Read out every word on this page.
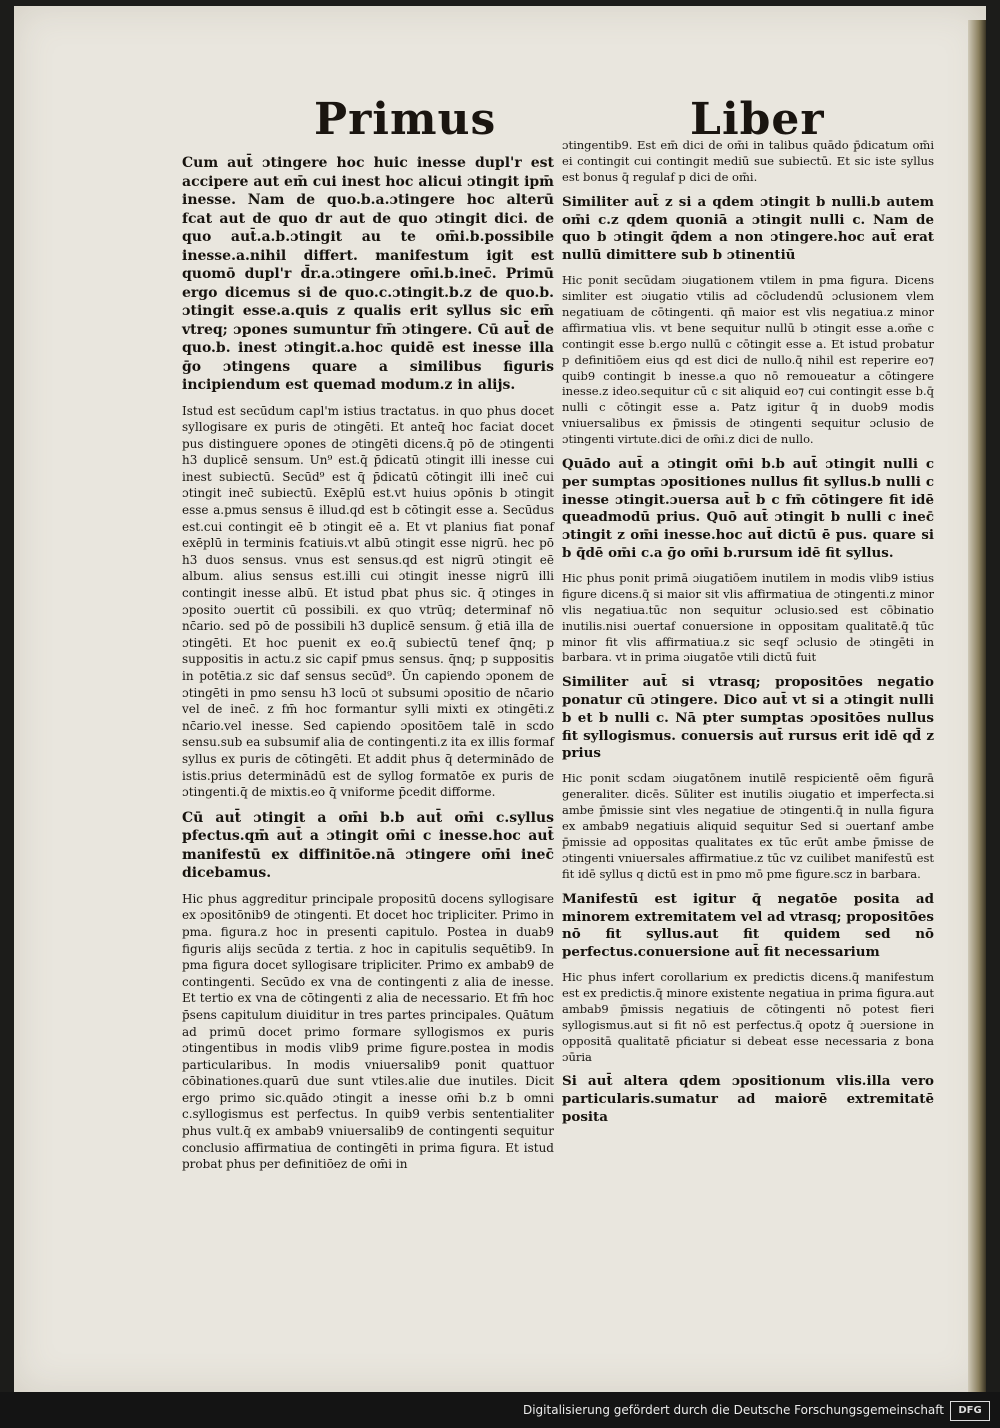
Primus	Liber

Cum aut̄ ɔtingere hoc huic inesse dupl'r est accipere aut em̄ cui inest hoc alicui ɔtingit ipm̄ inesse. Nam de quo.b.a.ɔtingere hoc alterū fcat aut de quo dr aut de quo ɔtingit dici. de quo aut̄.a.b.ɔtingit au te om̄i.b.possibile inesse.a.nihil differt. manifestum igit est quomō dupl'r d̄r.a.ɔtingere om̄i.b.inec̄. Primū ergo dicemus si de quo.c.ɔtingit.b.z de quo.b. ɔtingit esse.a.quis z qualis erit syllus sic em̄ vtreq; ɔpones sumuntur fm̄ ɔtingere. Cū aut̄ de quo.b. inest ɔtingit.a.hoc quidē est inesse illa ḡo ɔtingens quare a similibus figuris incipiendum est quemad modum.z in alijs.

Istud est secūdum capl'm istius tractatus. in quo phus docet syllogisare ex puris de ɔtingēti. Et anteq̄ hoc faciat docet pus distinguere ɔpones de ɔtingēti dicens.q̄ pō de ɔtingenti h3 duplicē sensum. Un⁹ est.q̄ p̄dicatū ɔtingit illi inesse cui inest subiectū. Secūd⁹ est q̄ p̄dicatū cōtingit illi inec̄ cui ɔtingit inec̄ subiectū. Exēplū est.vt huius ɔpōnis b ɔtingit esse a.pmus sensus ē illud.qd est b cōtingit esse a. Secūdus est.cui contingit eē b ɔtingit eē a. Et vt planius fiat ponaf exēplū in terminis fcatiuis.vt albū ɔtingit esse nigrū. hec pō h3 duos sensus. vnus est sensus.qd est nigrū ɔtingit eē album. alius sensus est.illi cui ɔtingit inesse nigrū illi contingit inesse albū. Et istud pbat phus sic. q̄ ɔtinges in ɔposito ɔuertit cū possibili. ex quo vtrūq; determinaf nō nc̄ario. sed pō de possibili h3 duplicē sensum. g̃ etiā illa de ɔtingēti. Et hoc puenit ex eo.q̄ subiectū tenef q̄nq; p suppositis in actu.z sic capif pmus sensus. q̄nq; p suppositis in potētia.z sic daf sensus secūd⁹. Ūn capiendo ɔponem de ɔtingēti in pmo sensu h3 locū ɔt subsumi ɔpositio de nc̄ario vel de inec̄. z fm̄ hoc formantur sylli mixti ex ɔtingēti.z nc̄ario.vel inesse. Sed capiendo ɔpositōem talē in scdo sensu.sub ea subsumif alia de contingenti.z ita ex illis formaf syllus ex puris de cōtingēti. Et addit phus q̄ determinādo de istis.prius determinādū est de syllog formatōe ex puris de ɔtingenti.q̄ de mixtis.eo q̄ vniforme p̄cedit difforme.

Cū aut̄ ɔtingit a om̄i b.b aut̄ om̄i c.syllus pfectus.qm̄ aut̄ a ɔtingit om̄i c inesse.hoc aut̄ manifestū ex diffinitōe.nā ɔtingere om̄i inec̄ dicebamus.

Hic phus aggreditur principale propositū docens syllogisare ex ɔpositōnib9 de ɔtingenti. Et docet hoc tripliciter. Primo in pma. figura.z hoc in presenti capitulo. Postea in duab9 figuris alijs secūda z tertia. z hoc in capitulis sequētib9. In pma figura docet syllogisare tripliciter. Primo ex ambab9 de contingenti. Secūdo ex vna de contingenti z alia de inesse. Et tertio ex vna de cōtingenti z alia de necessario. Et fm̄ hoc p̄sens capitulum diuiditur in tres partes principales. Quātum ad primū docet primo formare syllogismos ex puris ɔtingentibus in modis vlib9 prime figure.postea in modis particularibus. In modis vniuersalib9 ponit quattuor cōbinationes.quarū due sunt vtiles.alie due inutiles. Dicit ergo primo sic.quādo ɔtingit a inesse om̄i b.z b omni c.syllogismus est perfectus. In quib9 verbis sententialiter phus vult.q̄ ex ambab9 vniuersalib9 de contingenti sequitur conclusio affirmatiua de contingēti in prima figura. Et istud probat phus per definitiōez de om̄i in

ɔtingentib9. Est em̄ dici de om̄i in talibus quādo p̄dicatum om̄i ei contingit cui contingit mediū sue subiectū. Et sic iste syllus est bonus q̄ regulaf p dici de om̄i.

Similiter aut̄ z si a qdem ɔtingit b nulli.b autem om̄i c.z qdem quoniā a ɔtingit nulli c. Nam de quo b ɔtingit q̄dem a non ɔtingere.hoc aut̄ erat nullū dimittere sub b ɔtinentiū

Hic ponit secūdam ɔiugationem vtilem in pma figura. Dicens simliter est ɔiugatio vtilis ad cōcludendū ɔclusionem vlem negatiuam de cōtingenti. qn̄ maior est vlis negatiua.z minor affirmatiua vlis. vt bene sequitur nullū b ɔtingit esse a.om̄e c contingit esse b.ergo nullū c cōtingit esse a. Et istud probatur p definitiōem eius qd est dici de nullo.q̄ nihil est reperire eo⁊ quib9 contingit b inesse.a quo nō remoueatur a cōtingere inesse.z ideo.sequitur cū c sit aliquid eo⁊ cui contingit esse b.q̄ nulli c cōtingit esse a. Patz igitur q̄ in duob9 modis vniuersalibus ex p̄missis de ɔtingenti sequitur ɔclusio de ɔtingenti virtute.dici de om̄i.z dici de nullo.

Quādo aut̄ a ɔtingit om̄i b.b aut̄ ɔtingit nulli c per sumptas ɔpositiones nullus fit syllus.b nulli c inesse ɔtingit.ɔuersa aut̄ b c fm̄ cōtingere fit idē queadmodū prius. Quō aut̄ ɔtingit b nulli c inec̄ ɔtingit z om̄i inesse.hoc aut̄ dictū ē pus. quare si b q̄dē om̄i c.a ḡo om̄i b.rursum idē fit syllus.

Hic phus ponit primā ɔiugatiōem inutilem in modis vlib9 istius figure dicens.q̄ si maior sit vlis affirmatiua de ɔtingenti.z minor vlis negatiua.tūc non sequitur ɔclusio.sed est cōbinatio inutilis.nisi ɔuertaf conuersione in oppositam qualitatē.q̄ tūc minor fit vlis affirmatiua.z sic seqf ɔclusio de ɔtingēti in barbara. vt in prima ɔiugatōe vtili dictū fuit

Similiter aut̄ si vtrasq; propositōes negatio ponatur cū ɔtingere. Dico aut̄ vt si a ɔtingit nulli b et b nulli c. Nā pter sumptas ɔpositōes nullus fit syllogismus. conuersis aut̄ rursus erit idē qd̄ z prius

Hic ponit scdam ɔiugatōnem inutilē respicientē oēm figurā generaliter. dicēs. Sūliter est inutilis ɔiugatio et imperfecta.si ambe p̄missie sint vles negatiue de ɔtingenti.q̄ in nulla figura ex ambab9 negatiuis aliquid sequitur Sed si ɔuertanf ambe p̄missie ad oppositas qualitates ex tūc erūt ambe p̄misse de ɔtingenti vniuersales affirmatiue.z tūc vz cuilibet manifestū est fit idē syllus q dictū est in pmo mō pme figure.scz in barbara.

Manifestū est igitur q̄ negatōe posita ad minorem extremitatem vel ad vtrasq; propositōes nō fit syllus.aut fit quidem sed nō perfectus.conuersione aut̄ fit necessarium

Hic phus infert corollarium ex predictis dicens.q̄ manifestum est ex predictis.q̄ minore existente negatiua in prima figura.aut ambab9 p̄missis negatiuis de cōtingenti nō potest fieri syllogismus.aut si fit nō est perfectus.q̄ opotz q̄ ɔuersione in oppositā qualitatē pficiatur si debeat esse necessaria z bona ɔūria

Si aut̄ altera qdem ɔpositionum vlis.illa vero particularis.sumatur ad maiorē extremitatē posita

Digitalisierung gefördert durch die Deutsche Forschungsgemeinschaft	DFG
